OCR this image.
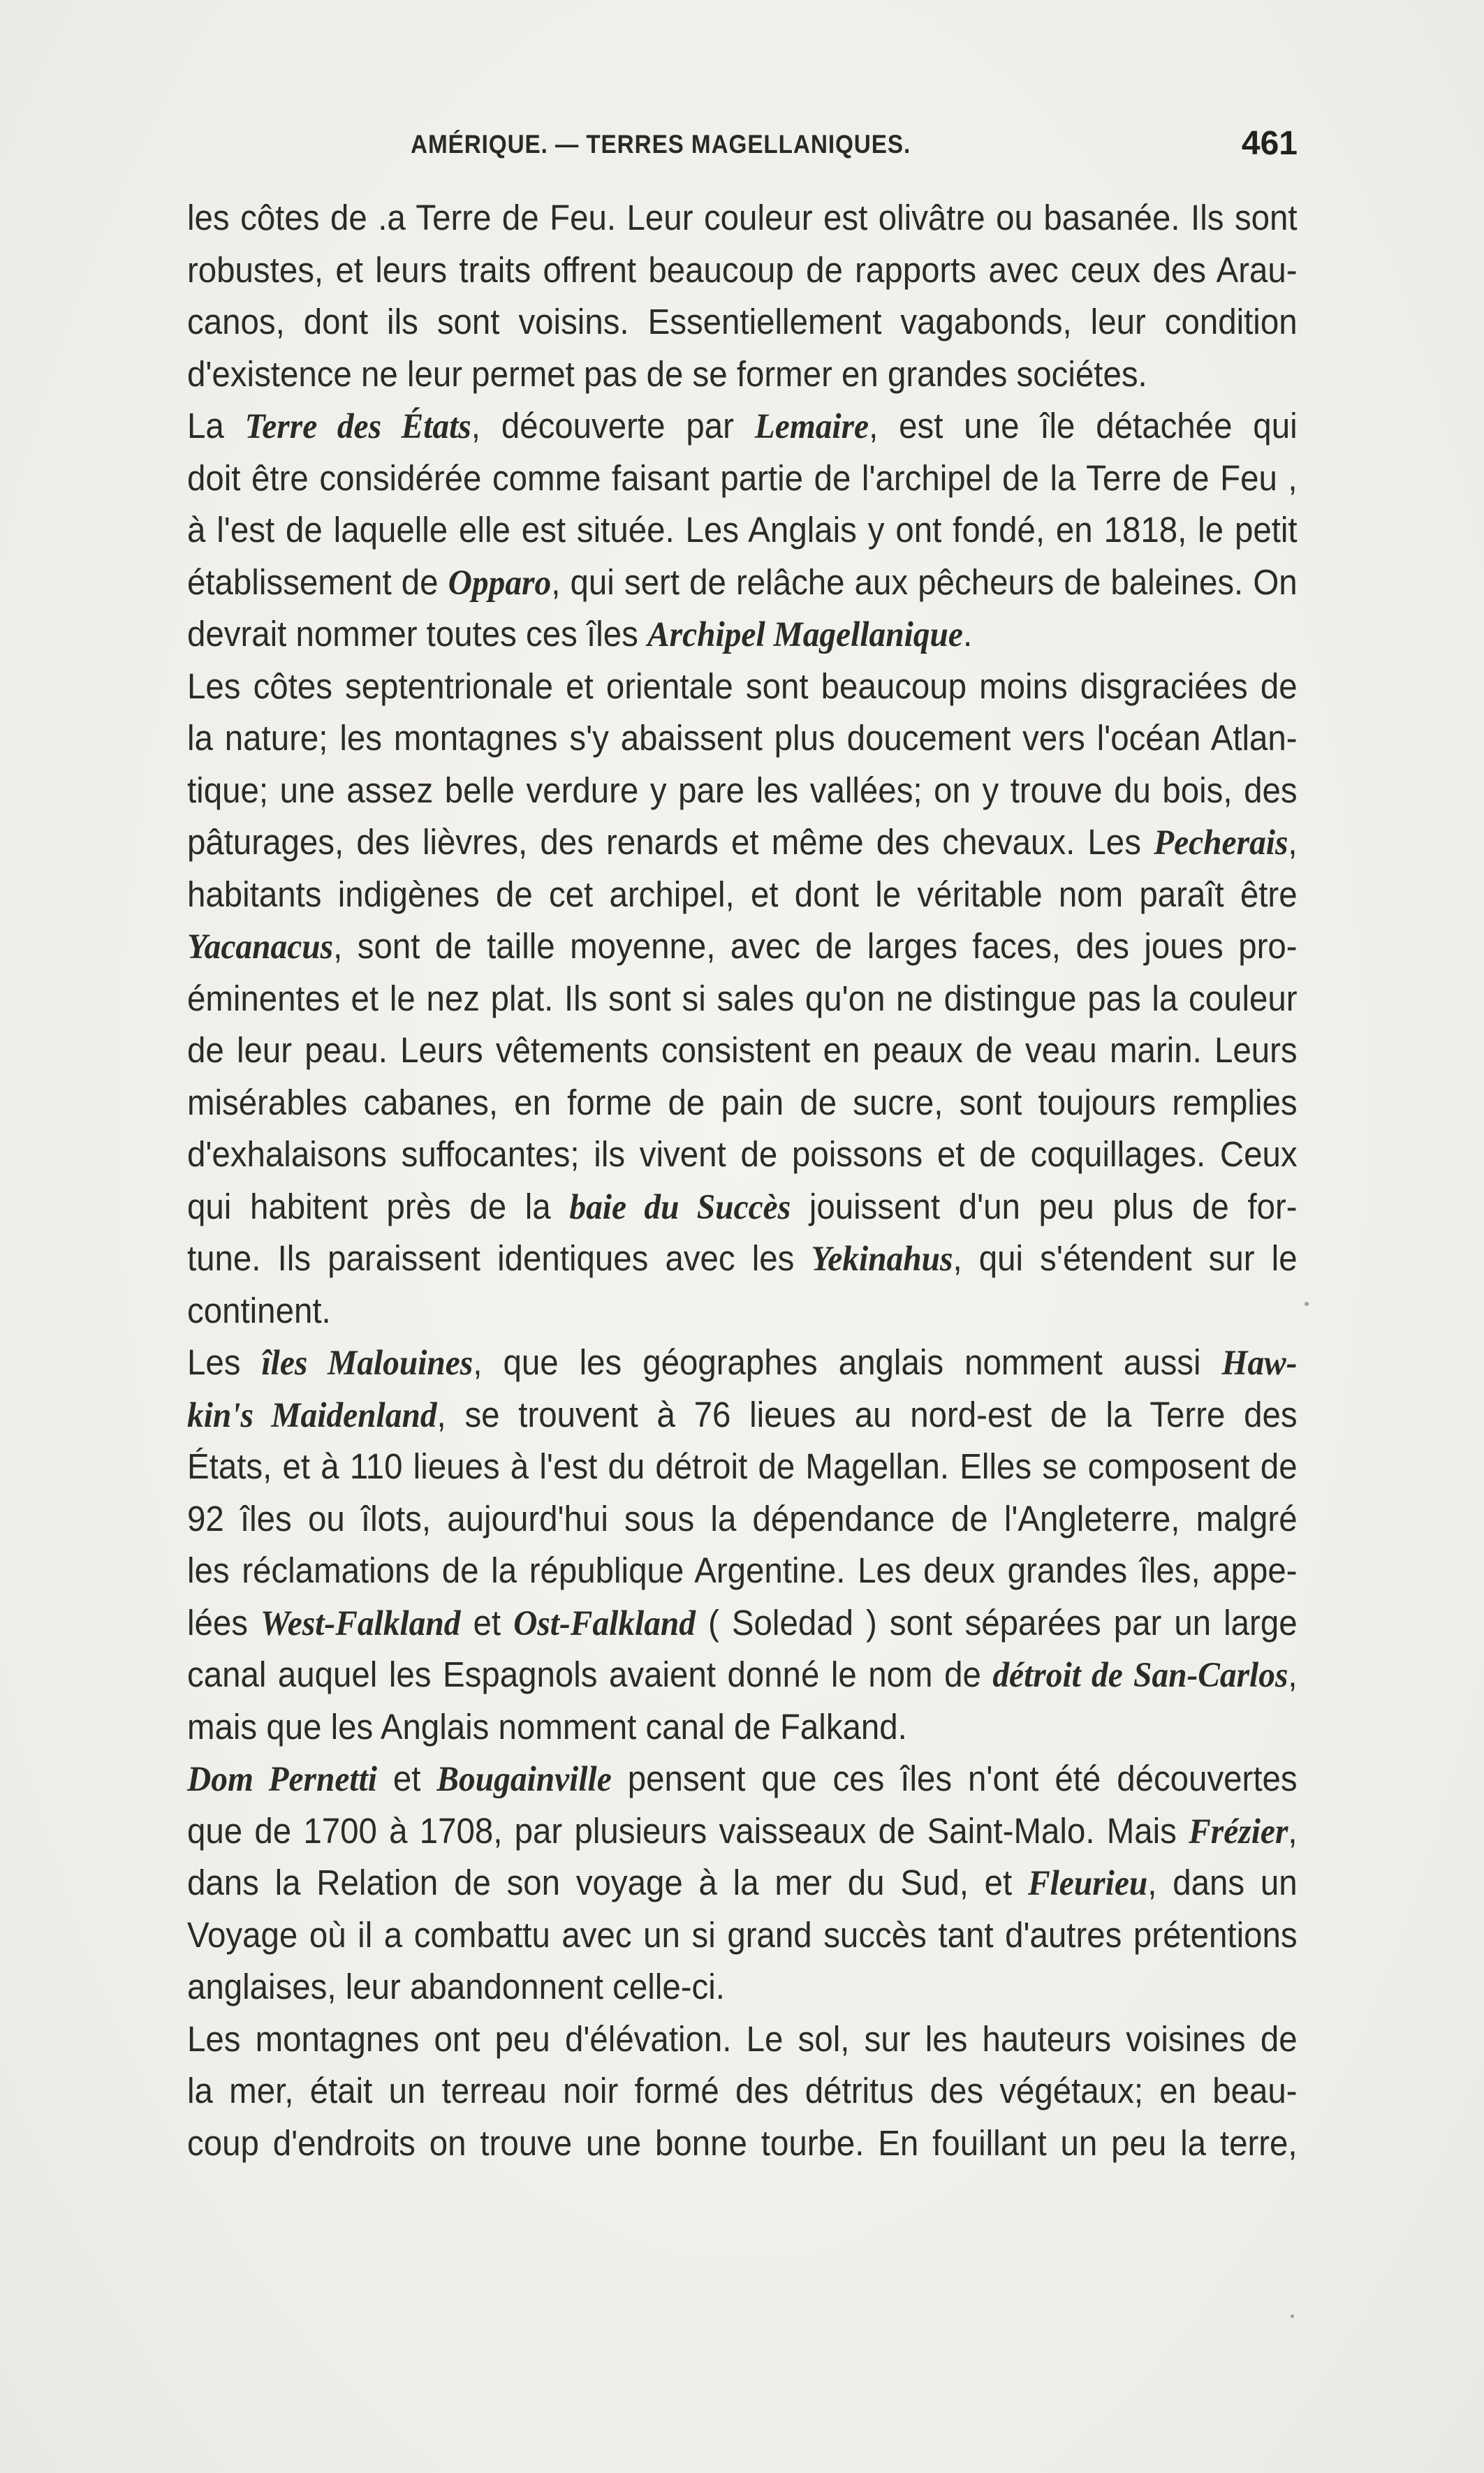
AMÉRIQUE. — TERRES MAGELLANIQUES.	461
les côtes de .a Terre de Feu. Leur couleur est olivâtre ou basanée. Ils sont
robustes, et leurs traits offrent beaucoup de rapports avec ceux des Arau-
canos, dont ils sont voisins. Essentiellement vagabonds, leur condition
d'existence ne leur permet pas de se former en grandes sociétes.
La Terre des États, découverte par Lemaire, est une île détachée qui
doit être considérée comme faisant partie de l'archipel de la Terre de Feu ,
à l'est de laquelle elle est située. Les Anglais y ont fondé, en 1818, le petit
établissement de Opparo, qui sert de relâche aux pêcheurs de baleines. On
devrait nommer toutes ces îles Archipel Magellanique.
Les côtes septentrionale et orientale sont beaucoup moins disgraciées de
la nature; les montagnes s'y abaissent plus doucement vers l'océan Atlan-
tique; une assez belle verdure y pare les vallées; on y trouve du bois, des
pâturages, des lièvres, des renards et même des chevaux. Les Pecherais,
habitants indigènes de cet archipel, et dont le véritable nom paraît être
Yacanacus, sont de taille moyenne, avec de larges faces, des joues pro-
éminentes et le nez plat. Ils sont si sales qu'on ne distingue pas la couleur
de leur peau. Leurs vêtements consistent en peaux de veau marin. Leurs
misérables cabanes, en forme de pain de sucre, sont toujours remplies
d'exhalaisons suffocantes; ils vivent de poissons et de coquillages. Ceux
qui habitent près de la baie du Succès jouissent d'un peu plus de for-
tune. Ils paraissent identiques avec les Yekinahus, qui s'étendent sur le
continent.
Les îles Malouines, que les géographes anglais nomment aussi Haw-
kin's Maidenland, se trouvent à 76 lieues au nord-est de la Terre des
États, et à 110 lieues à l'est du détroit de Magellan. Elles se composent de
92 îles ou îlots, aujourd'hui sous la dépendance de l'Angleterre, malgré
les réclamations de la république Argentine. Les deux grandes îles, appe-
lées West-Falkland et Ost-Falkland ( Soledad ) sont séparées par un large
canal auquel les Espagnols avaient donné le nom de détroit de San-Carlos,
mais que les Anglais nomment canal de Falkand.
Dom Pernetti et Bougainville pensent que ces îles n'ont été découvertes
que de 1700 à 1708, par plusieurs vaisseaux de Saint-Malo. Mais Frézier,
dans la Relation de son voyage à la mer du Sud, et Fleurieu, dans un
Voyage où il a combattu avec un si grand succès tant d'autres prétentions
anglaises, leur abandonnent celle-ci.
Les montagnes ont peu d'élévation. Le sol, sur les hauteurs voisines de
la mer, était un terreau noir formé des détritus des végétaux; en beau-
coup d'endroits on trouve une bonne tourbe. En fouillant un peu la terre,
